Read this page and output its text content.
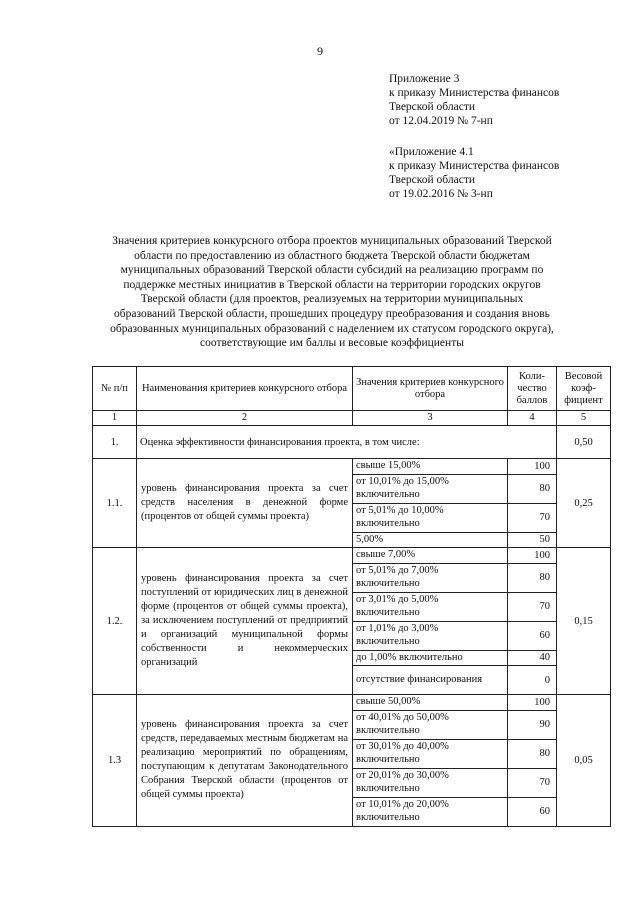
9
Приложение 3
к приказу Министерства финансов
Тверской области
от 12.04.2019 № 7-нп
«Приложение 4.1
к приказу Министерства финансов
Тверской области
от 19.02.2016 № 3-нп
Значения критериев конкурсного отбора проектов муниципальных образований Тверской
области по предоставлению из областного бюджета Тверской области бюджетам
муниципальных образований Тверской области субсидий на реализацию программ по
поддержке местных инициатив в Тверской области на территории городских округов
Тверской области (для проектов, реализуемых на территории муниципальных
образований Тверской области, прошедших процедуру преобразования и создания вновь
образованных муниципальных образований с наделением их статусом городского округа),
соответствующие им баллы и весовые коэффициенты
№ п/п	Наименования критериев конкурсного отбора	Значения критериев конкурсного отбора	Коли-чество баллов	Весовой коэф-фициент
1	2	3	4	5
1.	Оценка эффективности финансирования проекта, в том числе:			0,50
1.1.	уровень финансирования проекта за счет средств населения в денежной форме (процентов от общей суммы проекта)	свыше 15,00%	100	0,25
		от 10,01% до 15,00% включительно	80	
		от 5,01% до 10,00% включительно	70	
		5,00%	50	
1.2.	уровень финансирования проекта за счет поступлений от юридических лиц в денежной форме (процентов от общей суммы проекта), за исключением поступлений от предприятий и организаций муниципальной формы собственности и некоммерческих организаций	свыше 7,00%	100	0,15
		от 5,01% до 7,00% включительно	80	
		от 3,01% до 5,00% включительно	70	
		от 1,01% до 3,00% включительно	60	
		до 1,00% включительно	40	
		отсутствие финансирования	0	
1.3	уровень финансирования проекта за счет средств, передаваемых местным бюджетам на реализацию мероприятий по обращениям, поступающим к депутатам Законодательного Собрания Тверской области (процентов от общей суммы проекта)	свыше 50,00%	100	0,05
		от 40,01% до 50,00% включительно	90	
		от 30,01% до 40,00% включительно	80	
		от 20,01% до 30,00% включительно	70	
		от 10,01% до 20,00% включительно	60	
